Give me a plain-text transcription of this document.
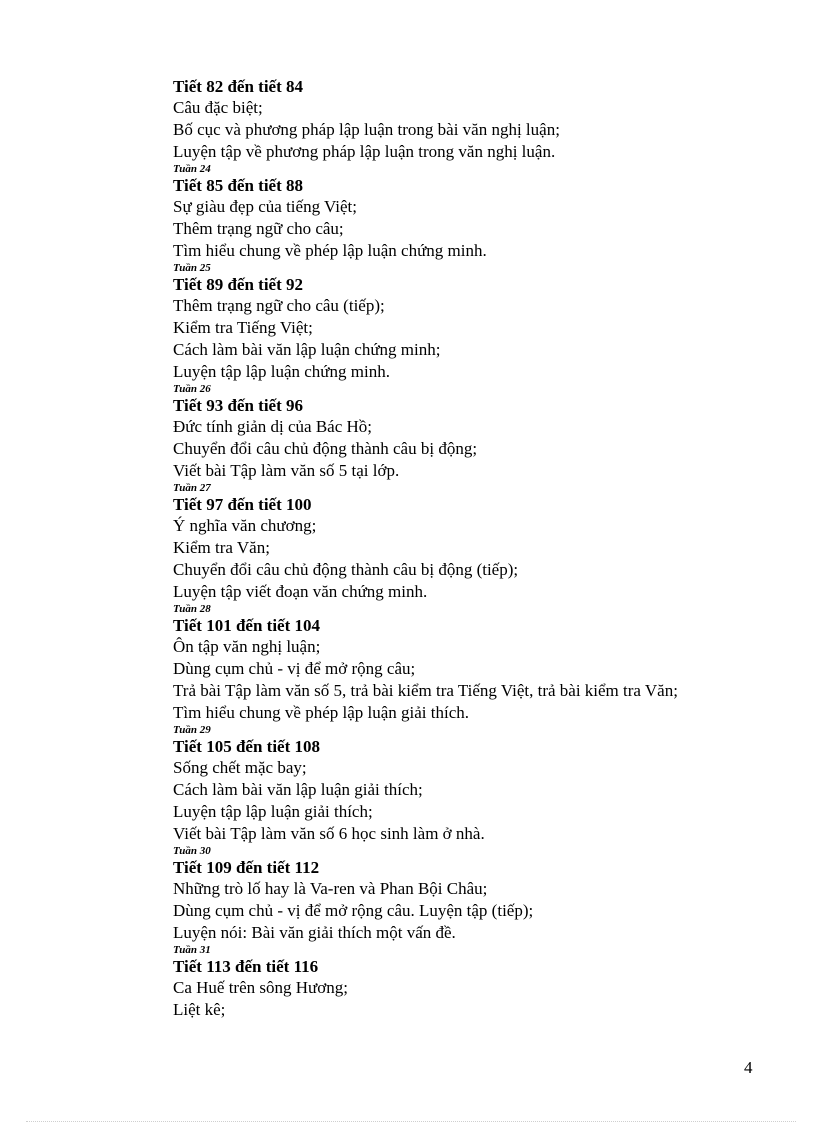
Tiết 82 đến tiết 84
Câu đặc biệt;
Bố cục và phương pháp lập luận trong bài văn nghị luận;
Luyện tập về phương pháp lập luận trong văn nghị luận.
Tuần 24
Tiết 85 đến tiết 88
Sự giàu đẹp của tiếng Việt;
Thêm trạng ngữ cho câu;
Tìm hiểu chung về phép lập luận chứng minh.
Tuần 25
Tiết 89 đến tiết 92
Thêm trạng ngữ cho câu (tiếp);
Kiểm tra Tiếng Việt;
Cách làm bài văn lập luận chứng minh;
Luyện tập lập luận chứng minh.
Tuần 26
Tiết 93 đến tiết 96
Đức tính giản dị của Bác Hồ;
Chuyển đổi câu chủ động thành câu bị động;
Viết bài Tập làm văn số 5 tại lớp.
Tuần 27
Tiết 97 đến tiết 100
Ý nghĩa văn chương;
Kiểm tra Văn;
Chuyển đổi câu chủ động thành câu bị động (tiếp);
Luyện tập viết đoạn văn chứng minh.
Tuần 28
Tiết 101 đến tiết 104
Ôn tập văn nghị luận;
Dùng cụm chủ - vị để mở rộng câu;
Trả bài Tập làm văn số 5, trả bài kiểm tra Tiếng Việt, trả bài kiểm tra Văn;
Tìm hiểu chung về phép lập luận giải thích.
Tuần 29
Tiết 105 đến tiết 108
Sống chết mặc bay;
Cách làm bài văn lập luận giải thích;
Luyện tập lập luận giải thích;
Viết bài Tập làm văn số 6 học sinh làm ở nhà.
Tuần 30
Tiết 109 đến tiết 112
Những trò lố hay là Va-ren và Phan Bội Châu;
Dùng cụm chủ - vị để mở rộng câu. Luyện tập (tiếp);
Luyện nói: Bài văn giải thích một vấn đề.
Tuần 31
Tiết 113 đến tiết 116
Ca Huế trên sông Hương;
Liệt kê;
4
